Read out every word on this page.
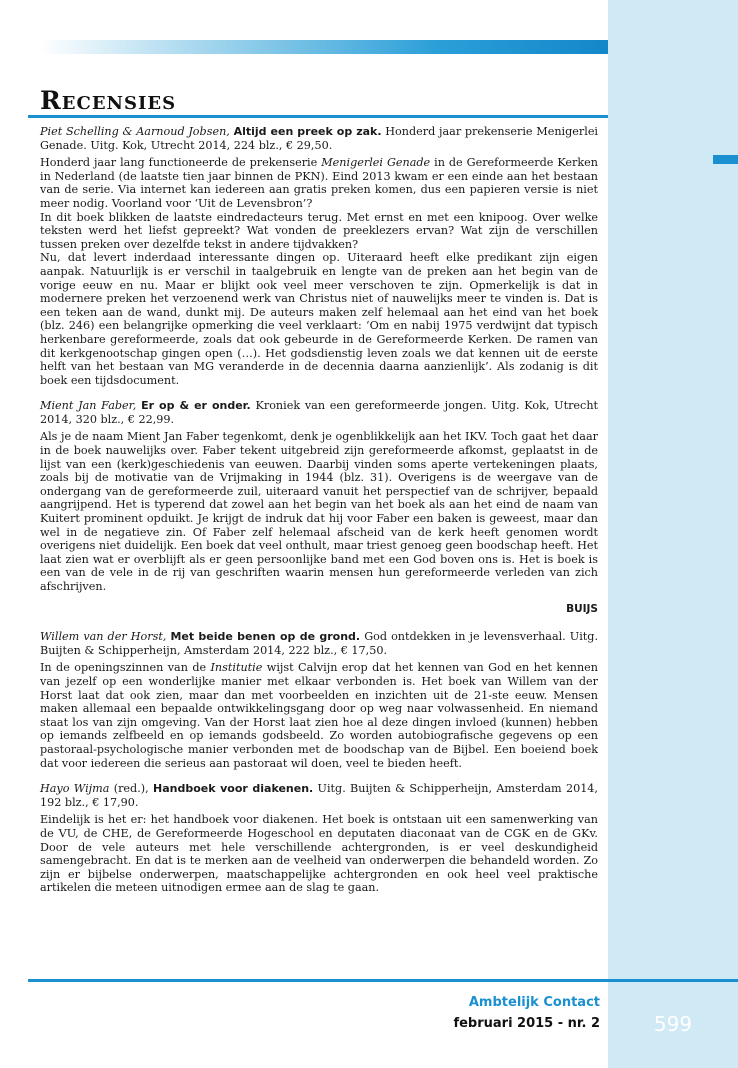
Recensies

Piet Schelling & Aarnoud Jobsen, Altijd een preek op zak. Honderd jaar prekenserie Menigerlei Genade. Uitg. Kok, Utrecht 2014, 224 blz., € 29,50.

Honderd jaar lang functioneerde de prekenserie Menigerlei Genade in de Gereformeerde Kerken in Nederland (de laatste tien jaar binnen de PKN). Eind 2013 kwam er een einde aan het bestaan van de serie. Via internet kan iedereen aan gratis preken komen, dus een papieren versie is niet meer nodig. Voorland voor ‘Uit de Levensbron’?

In dit boek blikken de laatste eindredacteurs terug. Met ernst en met een knipoog. Over welke teksten werd het liefst gepreekt? Wat vonden de preeklezers ervan? Wat zijn de verschillen tussen preken over dezelfde tekst in andere tijdvakken?

Nu, dat levert inderdaad interessante dingen op. Uiteraard heeft elke predikant zijn eigen aanpak. Natuurlijk is er verschil in taalgebruik en lengte van de preken aan het begin van de vorige eeuw en nu. Maar er blijkt ook veel meer verschoven te zijn. Opmerkelijk is dat in modernere preken het verzoenend werk van Christus niet of nauwelijks meer te vinden is. Dat is een teken aan de wand, dunkt mij. De auteurs maken zelf helemaal aan het eind van het boek (blz. 246) een belangrijke opmerking die veel verklaart: ‘Om en nabij 1975 verdwijnt dat typisch herkenbare gereformeerde, zoals dat ook gebeurde in de Gereformeerde Kerken. De ramen van dit kerkgenootschap gingen open (…). Het godsdienstig leven zoals we dat kennen uit de eerste helft van het bestaan van MG veranderde in de decennia daarna aanzienlijk’. Als zodanig is dit boek een tijdsdocument.

Mient Jan Faber, Er op & er onder. Kroniek van een gereformeerde jongen. Uitg. Kok, Utrecht 2014, 320 blz., € 22,99.

Als je de naam Mient Jan Faber tegenkomt, denk je ogenblikkelijk aan het IKV. Toch gaat het daar in de boek nauwelijks over. Faber tekent uitgebreid zijn gereformeerde afkomst, geplaatst in de lijst van een (kerk)geschiedenis van eeuwen. Daarbij vinden soms aperte vertekeningen plaats, zoals bij de motivatie van de Vrijmaking in 1944 (blz. 31). Overigens is de weergave van de ondergang van de gereformeerde zuil, uiteraard vanuit het perspectief van de schrijver, bepaald aangrijpend. Het is typerend dat zowel aan het begin van het boek als aan het eind de naam van Kuitert prominent opduikt. Je krijgt de indruk dat hij voor Faber een baken is geweest, maar dan wel in de negatieve zin. Of Faber zelf helemaal afscheid van de kerk heeft genomen wordt overigens niet duidelijk. Een boek dat veel onthult, maar triest genoeg geen boodschap heeft. Het laat zien wat er overblijft als er geen persoonlijke band met een God boven ons is. Het is boek is een van de vele in de rij van geschriften waarin mensen hun gereformeerde verleden van zich afschrijven.

BUIJS

Willem van der Horst, Met beide benen op de grond. God ontdekken in je levensverhaal. Uitg. Buijten & Schipperheijn, Amsterdam 2014, 222 blz., € 17,50.

In de openingszinnen van de Institutie wijst Calvijn erop dat het kennen van God en het kennen van jezelf op een wonderlijke manier met elkaar verbonden is. Het boek van Willem van der Horst laat dat ook zien, maar dan met voorbeelden en inzichten uit de 21-ste eeuw. Mensen maken allemaal een bepaalde ontwikkelingsgang door op weg naar volwassenheid. En niemand staat los van zijn omgeving. Van der Horst laat zien hoe al deze dingen invloed (kunnen) hebben op iemands zelfbeeld en op iemands godsbeeld. Zo worden autobiografische gegevens op een pastoraal-psychologische manier verbonden met de boodschap van de Bijbel. Een boeiend boek dat voor iedereen die serieus aan pastoraat wil doen, veel te bieden heeft.

Hayo Wijma (red.), Handboek voor diakenen. Uitg. Buijten & Schipperheijn, Amsterdam 2014, 192 blz., € 17,90.

Eindelijk is het er: het handboek voor diakenen. Het boek is ontstaan uit een samenwerking van de VU, de CHE, de Gereformeerde Hogeschool en deputaten diaconaat van de CGK en de GKv. Door de vele auteurs met hele verschillende achtergronden, is er veel deskundigheid samengebracht. En dat is te merken aan de veelheid van onderwerpen die behandeld worden. Zo zijn er bijbelse onderwerpen, maatschappelijke achtergronden en ook heel veel praktische artikelen die meteen uitnodigen ermee aan de slag te gaan.

Ambtelijk Contact
februari 2015 - nr. 2	599
